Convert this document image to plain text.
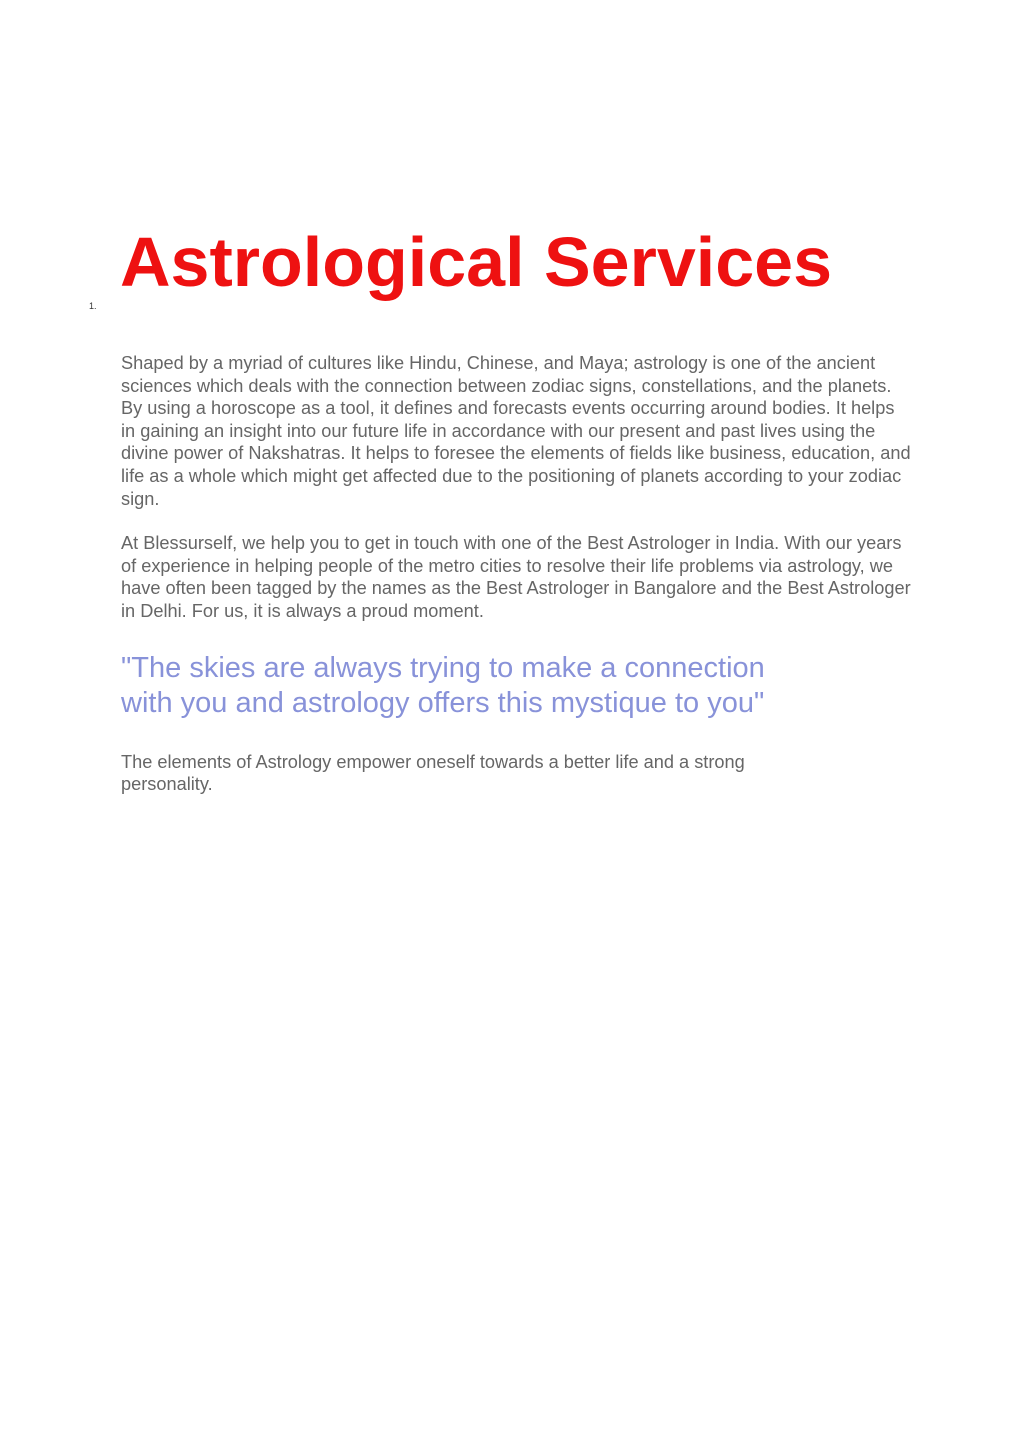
1.
Astrological Services

Shaped by a myriad of cultures like Hindu, Chinese, and Maya; astrology is one of the ancient sciences which deals with the connection between zodiac signs, constellations, and the planets. By using a horoscope as a tool, it defines and forecasts events occurring around bodies. It helps in gaining an insight into our future life in accordance with our present and past lives using the divine power of Nakshatras. It helps to foresee the elements of fields like business, education, and life as a whole which might get affected due to the positioning of planets according to your zodiac sign.

At Blessurself, we help you to get in touch with one of the Best Astrologer in India. With our years of experience in helping people of the metro cities to resolve their life problems via astrology, we have often been tagged by the names as the Best Astrologer in Bangalore and the Best Astrologer in Delhi. For us, it is always a proud moment.

"The skies are always trying to make a connection with you and astrology offers this mystique to you"

The elements of Astrology empower oneself towards a better life and a strong personality.
